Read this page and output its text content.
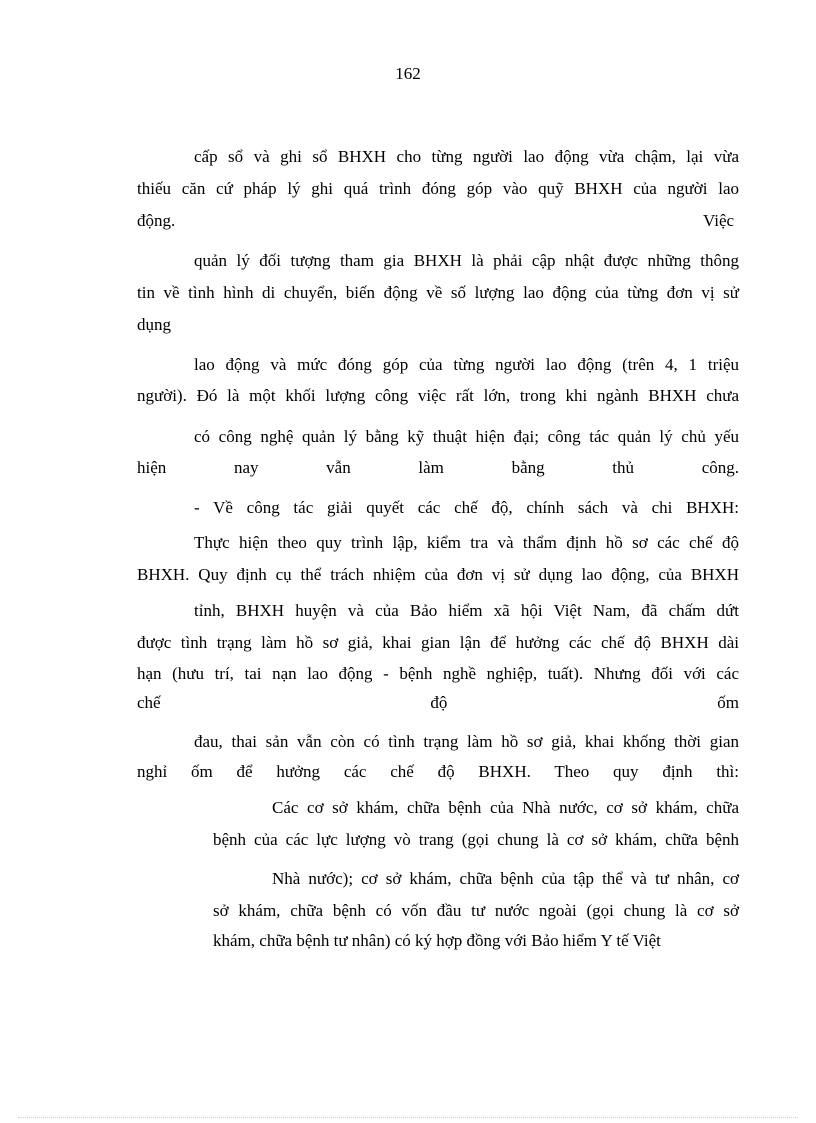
162
cấp sổ và ghi sổ BHXH cho từng người lao động vừa chậm, lại vừa
thiếu căn cứ pháp lý ghi quá trình đóng góp vào quỹ BHXH của người lao
động.	Việc
quản lý đối tượng tham gia BHXH là phải cập nhật được những thông
tin về tình hình di chuyển, biến động về số lượng lao động của từng đơn vị sử
dụng
lao động và mức đóng góp của từng người lao động (trên 4, 1 triệu
người). Đó là một khối lượng công việc rất lớn, trong khi ngành BHXH chưa
có công nghệ quản lý bằng kỹ thuật hiện đại; công tác quản lý chủ yếu
hiện nay vẫn làm bằng thủ công.
- Về công tác giải quyết các chế độ, chính sách và chi BHXH:
Thực hiện theo quy trình lập, kiểm tra và thẩm định hồ sơ các chế độ
BHXH. Quy định cụ thể trách nhiệm của đơn vị sử dụng lao động, của BHXH
tỉnh, BHXH huyện và của Bảo hiểm xã hội Việt Nam, đã chấm dứt
được tình trạng làm hồ sơ giả, khai gian lận để hưởng các chế độ BHXH dài
hạn (hưu trí, tai nạn lao động - bệnh nghề nghiệp, tuất). Nhưng đối với các
chế độ ốm
đau, thai sản vẫn còn có tình trạng làm hồ sơ giả, khai khống thời gian
nghỉ ốm để hưởng các chế độ BHXH. Theo quy định thì:
Các cơ sở khám, chữa bệnh của Nhà nước, cơ sở khám, chữa
bệnh của các lực lượng vò trang (gọi chung là cơ sở khám, chữa bệnh
Nhà nước); cơ sở khám, chữa bệnh của tập thể và tư nhân, cơ
sở khám, chữa bệnh có vốn đầu tư nước ngoài (gọi chung là cơ sở
khám, chữa bệnh tư nhân) có ký hợp đồng với Bảo hiểm Y tế Việt
